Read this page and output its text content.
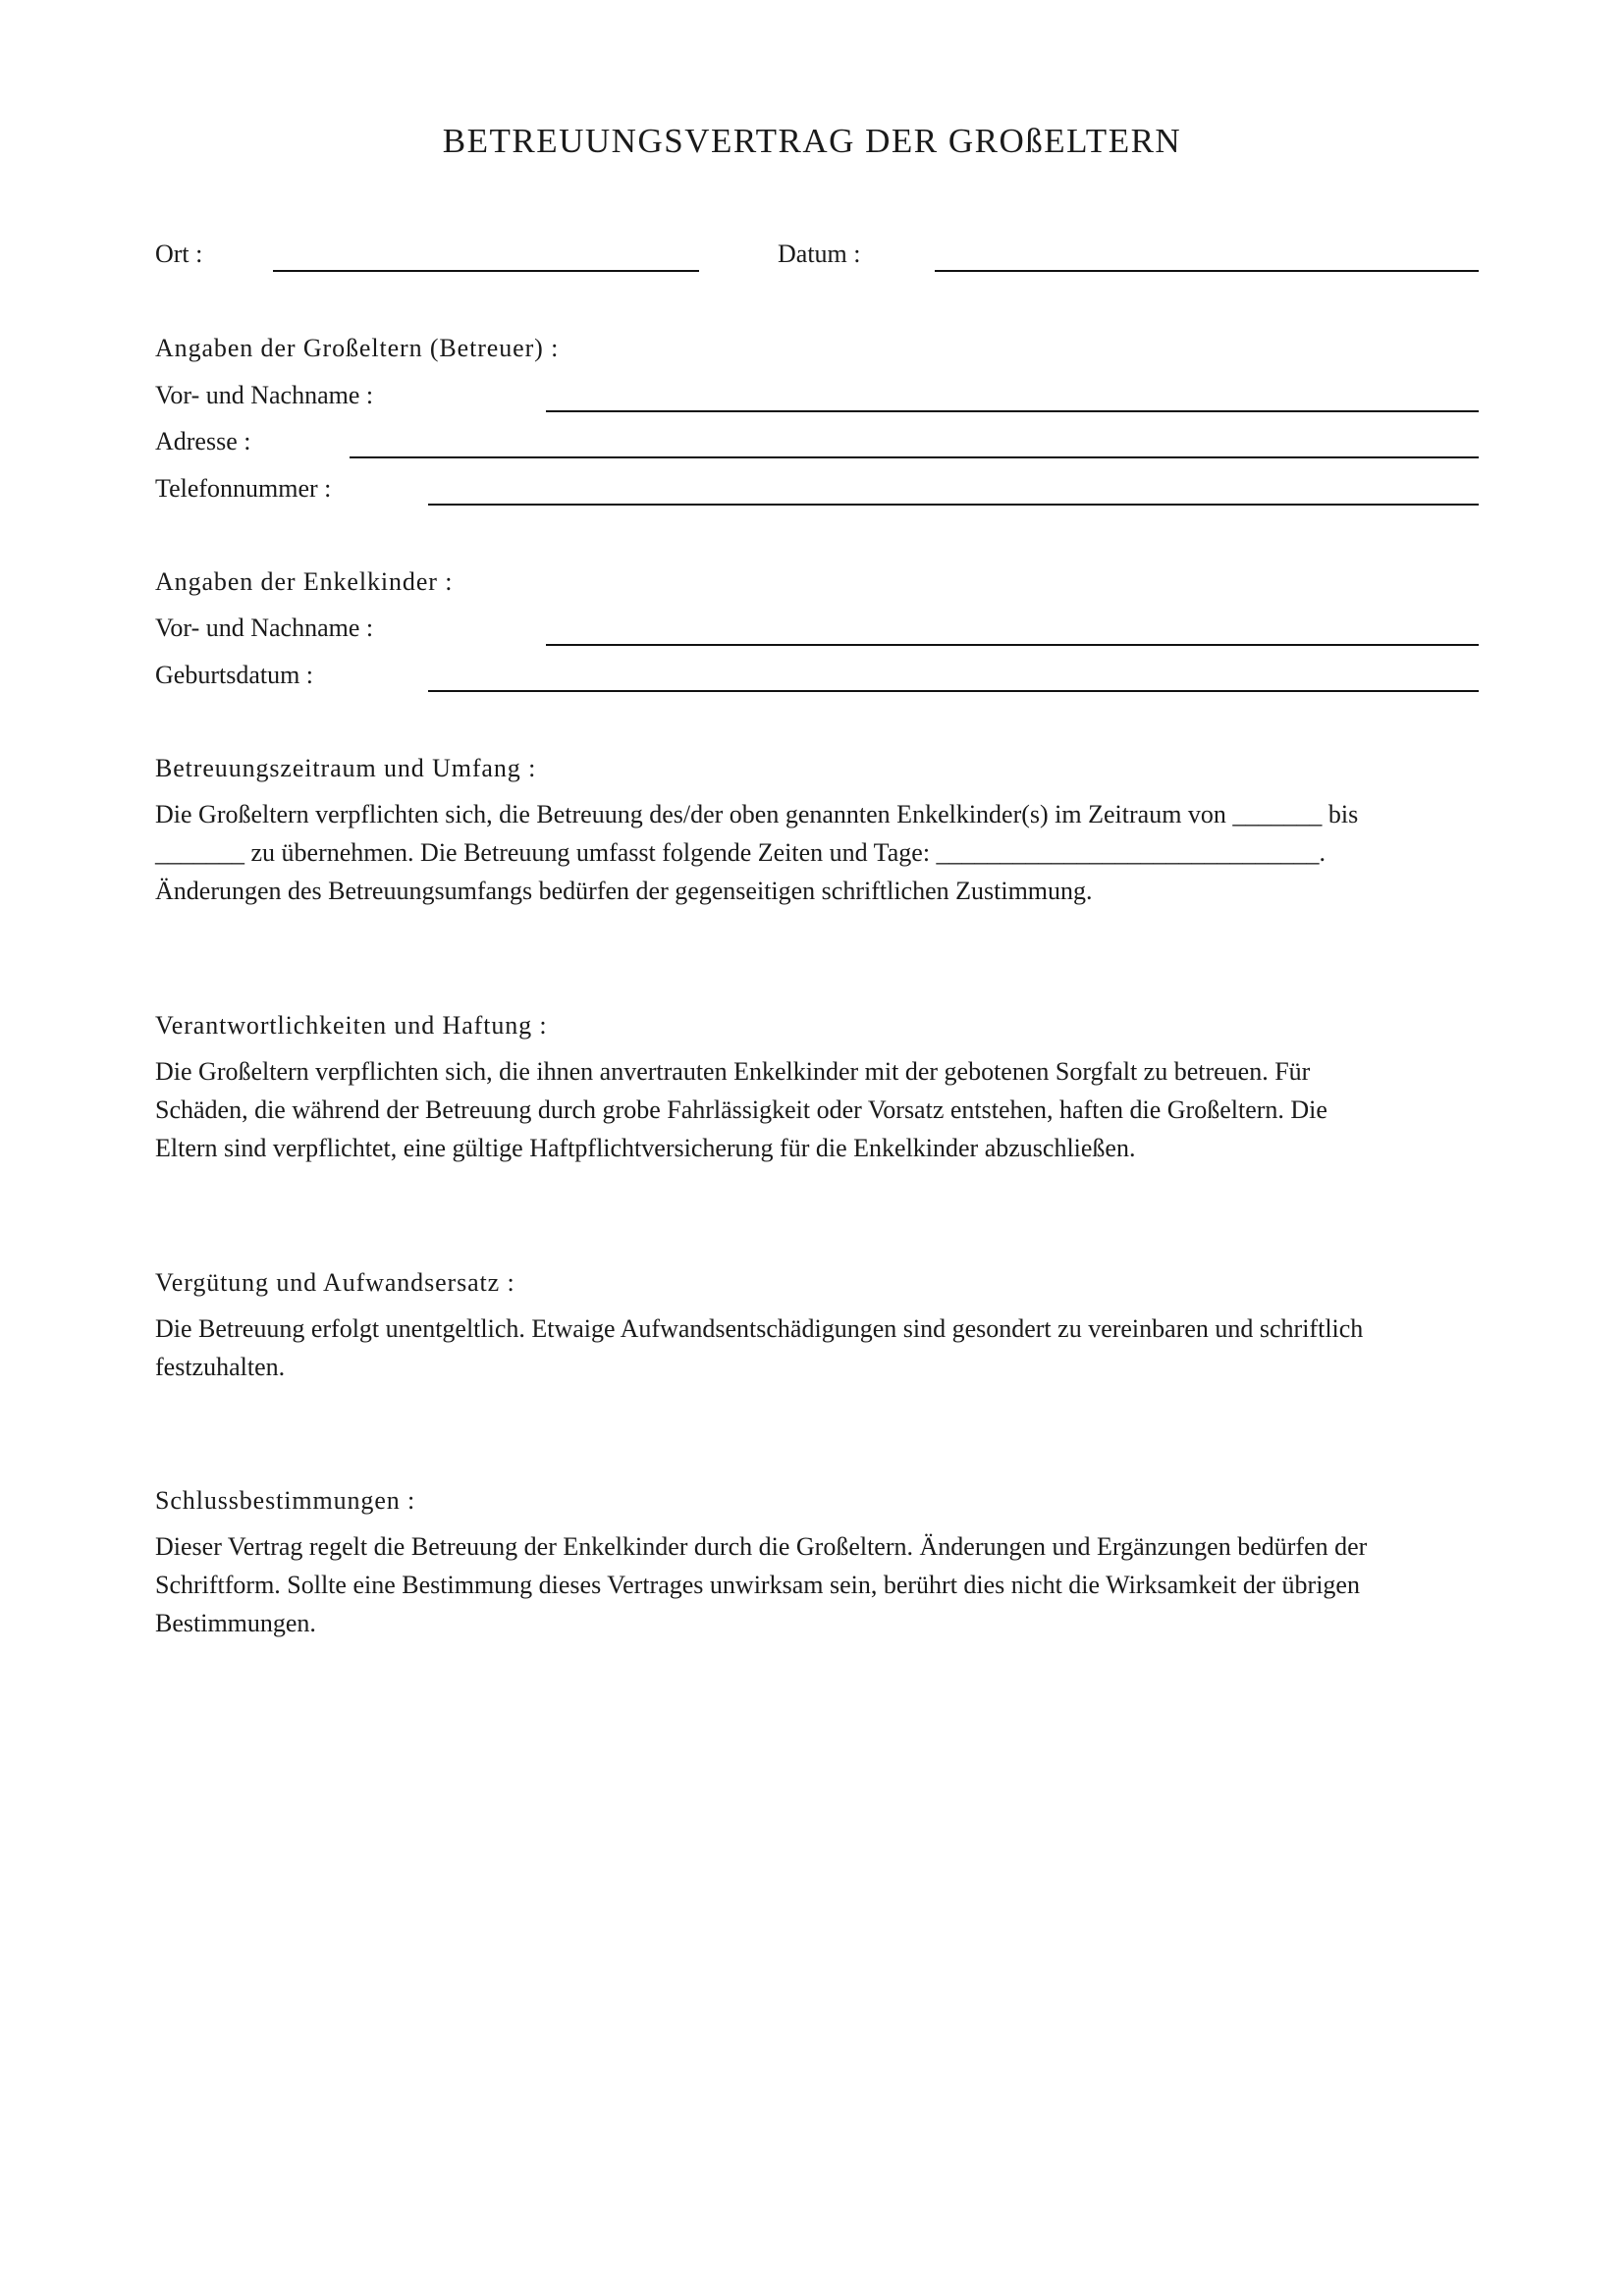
BETREUUNGSVERTRAG DER GROßELTERN
Ort :	Datum :
Angaben der Großeltern (Betreuer) :
Vor- und Nachname :
Adresse :
Telefonnummer :
Angaben der Enkelkinder :
Vor- und Nachname :
Geburtsdatum :
Betreuungszeitraum und Umfang :
Die Großeltern verpflichten sich, die Betreuung des/der oben genannten Enkelkinder(s) im Zeitraum von _______ bis
_______ zu übernehmen. Die Betreuung umfasst folgende Zeiten und Tage: ______________________________.
Änderungen des Betreuungsumfangs bedürfen der gegenseitigen schriftlichen Zustimmung.
Verantwortlichkeiten und Haftung :
Die Großeltern verpflichten sich, die ihnen anvertrauten Enkelkinder mit der gebotenen Sorgfalt zu betreuen. Für
Schäden, die während der Betreuung durch grobe Fahrlässigkeit oder Vorsatz entstehen, haften die Großeltern. Die
Eltern sind verpflichtet, eine gültige Haftpflichtversicherung für die Enkelkinder abzuschließen.
Vergütung und Aufwandsersatz :
Die Betreuung erfolgt unentgeltlich. Etwaige Aufwandsentschädigungen sind gesondert zu vereinbaren und schriftlich
festzuhalten.
Schlussbestimmungen :
Dieser Vertrag regelt die Betreuung der Enkelkinder durch die Großeltern. Änderungen und Ergänzungen bedürfen der
Schriftform. Sollte eine Bestimmung dieses Vertrages unwirksam sein, berührt dies nicht die Wirksamkeit der übrigen
Bestimmungen.
